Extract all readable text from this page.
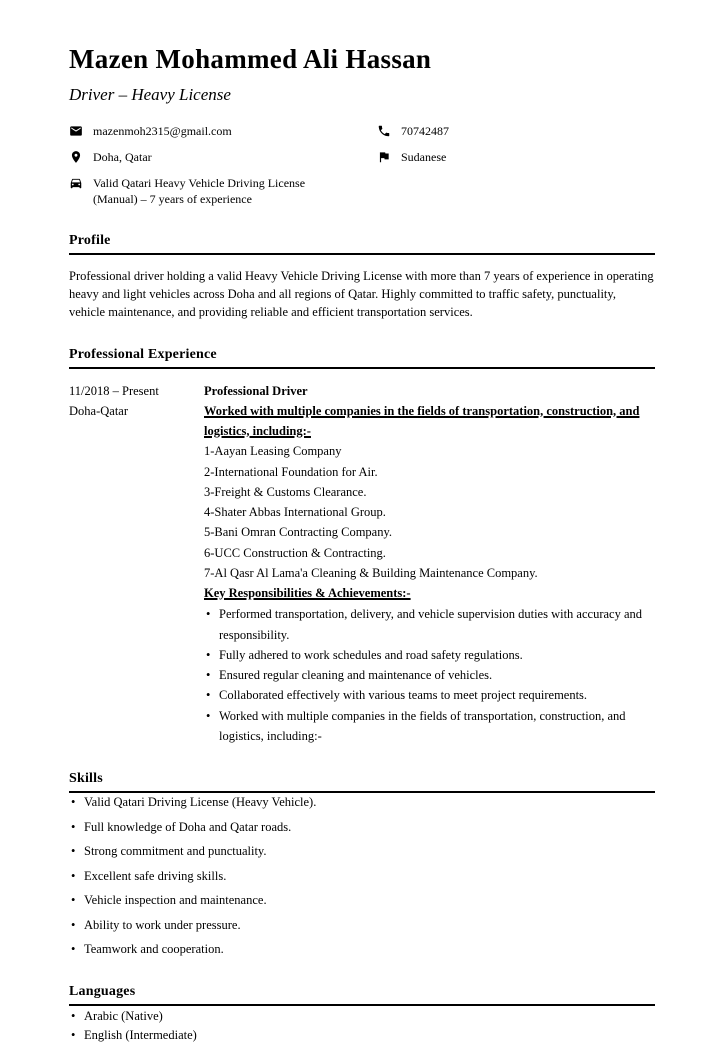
Mazen Mohammed Ali Hassan
Driver – Heavy License
mazenmoh2315@gmail.com	70742487
Doha, Qatar	Sudanese
Valid Qatari Heavy Vehicle Driving License (Manual) – 7 years of experience
Profile

Professional driver holding a valid Heavy Vehicle Driving License with more than 7 years of experience in operating heavy and light vehicles across Doha and all regions of Qatar. Highly committed to traffic safety, punctuality, vehicle maintenance, and providing reliable and efficient transportation services.

Professional Experience
11/2018 – Present
Doha-Qatar
Professional Driver
Worked with multiple companies in the fields of transportation, construction, and logistics, including:-
1-Aayan Leasing Company
2-International Foundation for Air.
3-Freight & Customs Clearance.
4-Shater Abbas International Group.
5-Bani Omran Contracting Company.
6-UCC Construction & Contracting.
7-Al Qasr Al Lama'a Cleaning & Building Maintenance Company.
Key Responsibilities & Achievements:-
• Performed transportation, delivery, and vehicle supervision duties with accuracy and responsibility.
• Fully adhered to work schedules and road safety regulations.
• Ensured regular cleaning and maintenance of vehicles.
• Collaborated effectively with various teams to meet project requirements.
• Worked with multiple companies in the fields of transportation, construction, and logistics, including:-
Skills
• Valid Qatari Driving License (Heavy Vehicle).
• Full knowledge of Doha and Qatar roads.
• Strong commitment and punctuality.
• Excellent safe driving skills.
• Vehicle inspection and maintenance.
• Ability to work under pressure.
• Teamwork and cooperation.
Languages
• Arabic (Native)
• English (Intermediate)
